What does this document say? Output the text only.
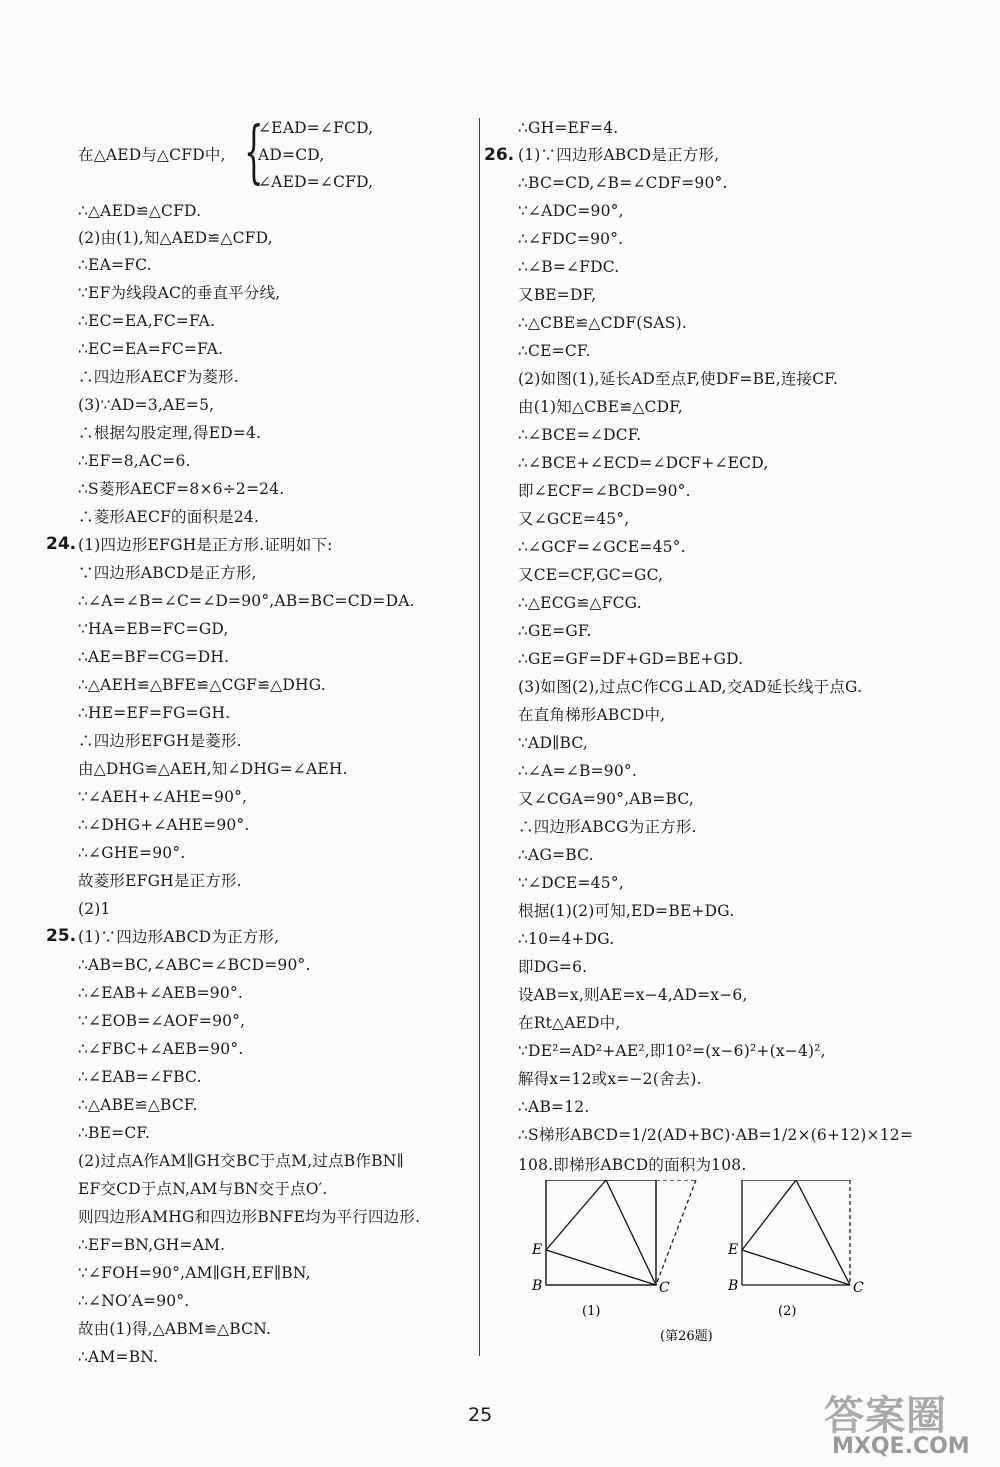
在△AED与△CFD中, {
∠EAD=∠FCD,
AD=CD,
∠AED=∠CFD,
∴△AED≌△CFD.
(2)由(1),知△AED≌△CFD,
∴EA=FC.
∵EF为线段AC的垂直平分线,
∴EC=EA,FC=FA.
∴EC=EA=FC=FA.
∴四边形AECF为菱形.
(3)∵AD=3,AE=5,
∴根据勾股定理,得ED=4.
∴EF=8,AC=6.
∴S菱形AECF=8×6÷2=24.
∴菱形AECF的面积是24.
24. (1)四边形EFGH是正方形.证明如下:
∵四边形ABCD是正方形,
∴∠A=∠B=∠C=∠D=90°,AB=BC=CD=DA.
∵HA=EB=FC=GD,
∴AE=BF=CG=DH.
∴△AEH≌△BFE≌△CGF≌△DHG.
∴HE=EF=FG=GH.
∴四边形EFGH是菱形.
由△DHG≌△AEH,知∠DHG=∠AEH.
∵∠AEH+∠AHE=90°,
∴∠DHG+∠AHE=90°.
∴∠GHE=90°.
故菱形EFGH是正方形.
(2)1
25. (1)∵四边形ABCD为正方形,
∴AB=BC,∠ABC=∠BCD=90°.
∴∠EAB+∠AEB=90°.
∵∠EOB=∠AOF=90°,
∴∠FBC+∠AEB=90°.
∴∠EAB=∠FBC.
∴△ABE≌△BCF.
∴BE=CF.
(2)过点A作AM∥GH交BC于点M,过点B作BN∥
EF交CD于点N,AM与BN交于点O′.
则四边形AMHG和四边形BNFE均为平行四边形.
∴EF=BN,GH=AM.
∵∠FOH=90°,AM∥GH,EF∥BN,
∴∠NO′A=90°.
故由(1)得,△ABM≌△BCN.
∴AM=BN.
∴GH=EF=4.
26. (1)∵四边形ABCD是正方形,
∴BC=CD,∠B=∠CDF=90°.
∵∠ADC=90°,
∴∠FDC=90°.
∴∠B=∠FDC.
又BE=DF,
∴△CBE≌△CDF(SAS).
∴CE=CF.
(2)如图(1),延长AD至点F,使DF=BE,连接CF.
由(1)知△CBE≌△CDF,
∴∠BCE=∠DCF.
∴∠BCE+∠ECD=∠DCF+∠ECD,
即∠ECF=∠BCD=90°.
又∠GCE=45°,
∴∠GCF=∠GCE=45°.
又CE=CF,GC=GC,
∴△ECG≌△FCG.
∴GE=GF.
∴GE=GF=DF+GD=BE+GD.
(3)如图(2),过点C作CG⊥AD,交AD延长线于点G.
在直角梯形ABCD中,
∵AD∥BC,
∴∠A=∠B=90°.
又∠CGA=90°,AB=BC,
∴四边形ABCG为正方形.
∴AG=BC.
∵∠DCE=45°,
根据(1)(2)可知,ED=BE+DG.
∴10=4+DG.
即DG=6.
设AB=x,则AE=x−4,AD=x−6,
在Rt△AED中,
∵DE²=AD²+AE²,即10²=(x−6)²+(x−4)²,
解得x=12或x=−2(舍去).
∴AB=12.
∴S梯形ABCD=1/2(AD+BC)·AB=1/2×(6+12)×12=
108.即梯形ABCD的面积为108.
E
B	C
(1)
E
B	C
(2)
(第26题)
25	答案圈
MXQE.COM
